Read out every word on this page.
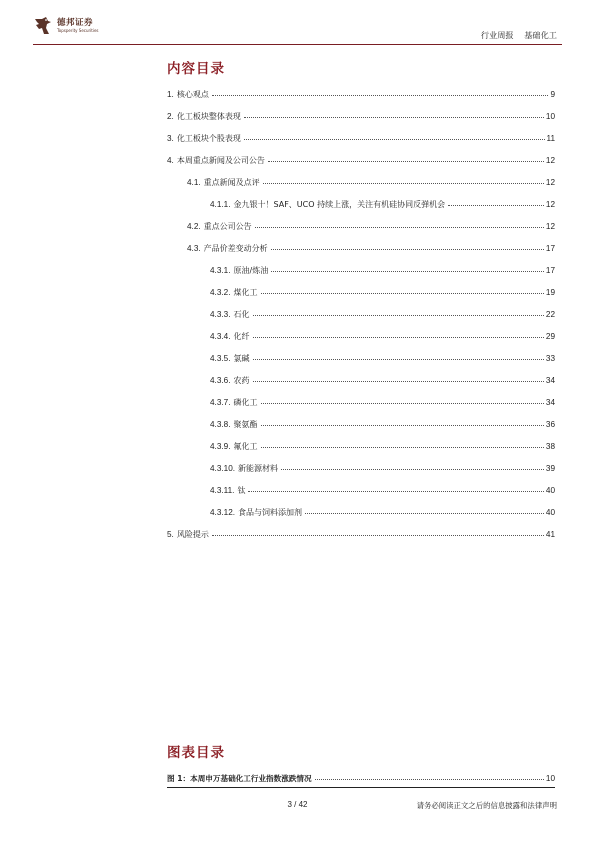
德邦证券
Topsperity Securities	行业周报 基础化工
内容目录
1. 核心观点	9
2. 化工板块整体表现	10
3. 化工板块个股表现	11
4. 本周重点新闻及公司公告	12
4.1. 重点新闻及点评	12
4.1.1. 金九银十！SAF、UCO 持续上涨，关注有机硅协同反弹机会	12
4.2. 重点公司公告	12
4.3. 产品价差变动分析	17
4.3.1. 原油/炼油	17
4.3.2. 煤化工	19
4.3.3. 石化	22
4.3.4. 化纤	29
4.3.5. 氯碱	33
4.3.6. 农药	34
4.3.7. 磷化工	34
4.3.8. 聚氨酯	36
4.3.9. 氟化工	38
4.3.10. 新能源材料	39
4.3.11. 钛	40
4.3.12. 食品与饲料添加剂	40
5. 风险提示	41
图表目录
图 1：本周申万基础化工行业指数涨跌情况	10
3 / 42	请务必阅读正文之后的信息披露和法律声明
